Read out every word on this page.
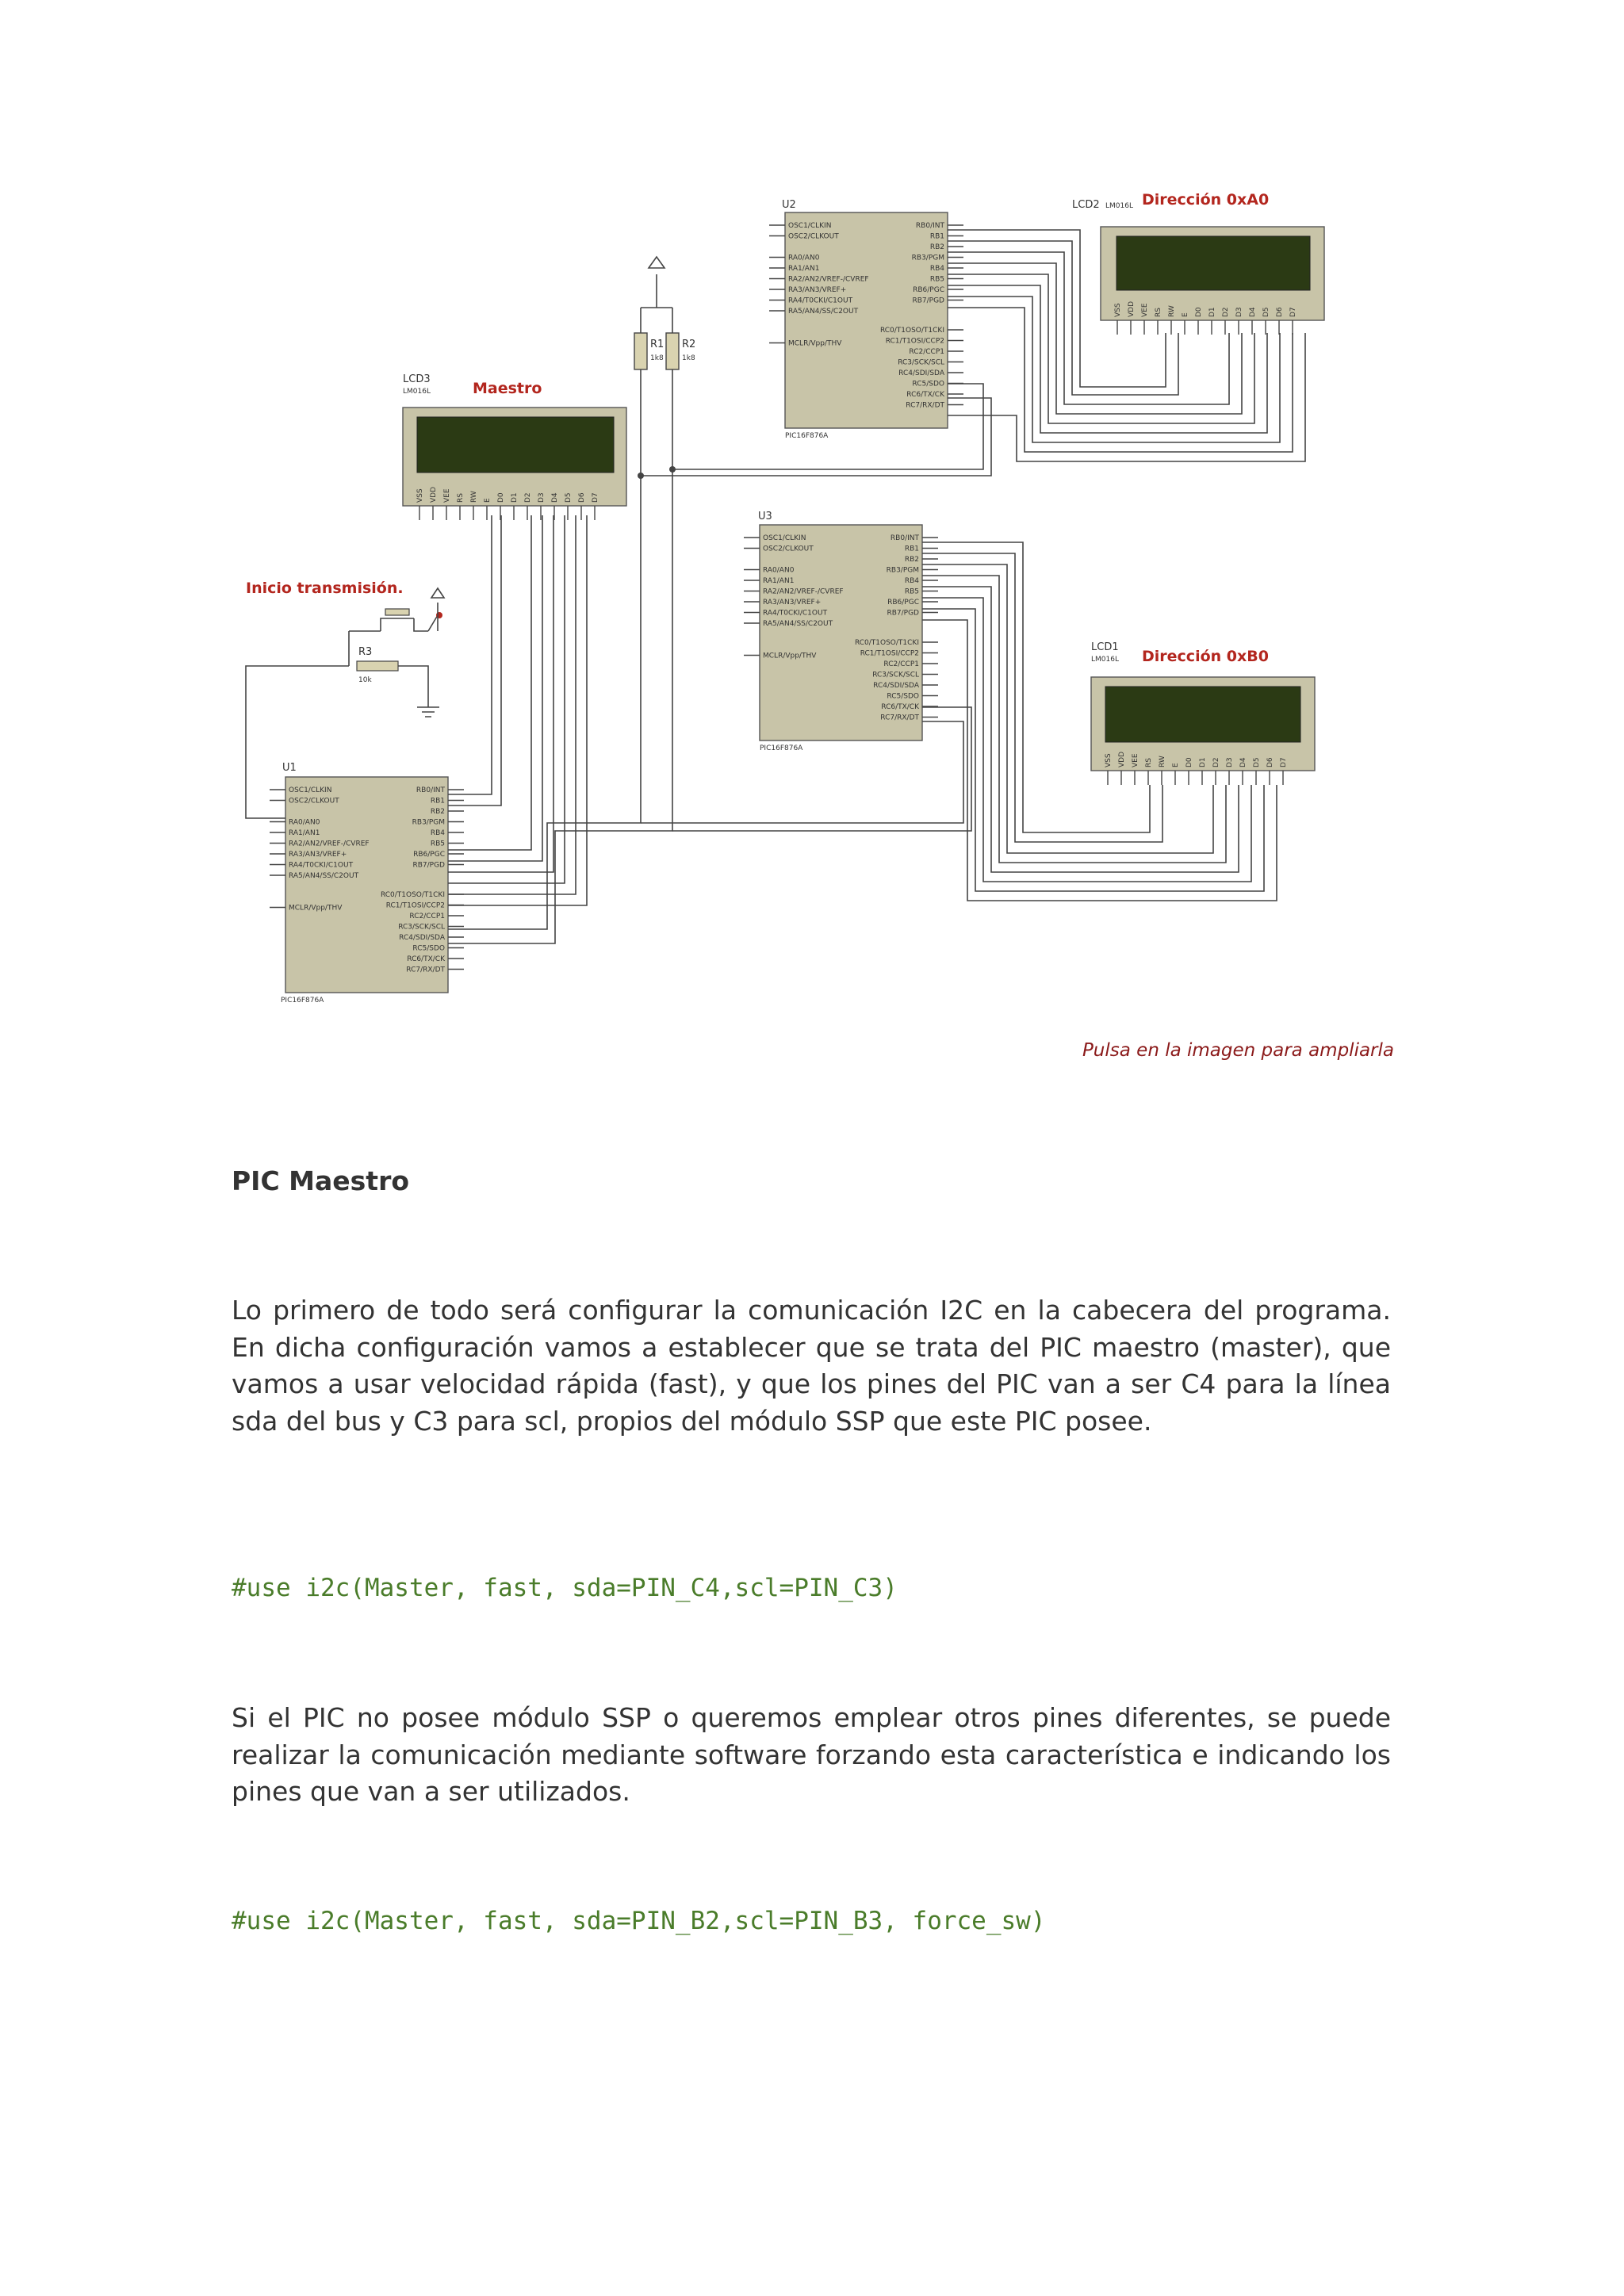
U2
OSC1/CLKIN
OSC2/CLKOUT
RA0/AN0
RA1/AN1
RA2/AN2/VREF-/CVREF
RA3/AN3/VREF+
RA4/T0CKI/C1OUT
RA5/AN4/SS/C2OUT
MCLR/Vpp/THV
RB0/INT
RB1
RB2
RB3/PGM
RB4
RB5
RB6/PGC
RB7/PGD
RC0/T1OSO/T1CKI
RC1/T1OSI/CCP2
RC2/CCP1
RC3/SCK/SCL
RC4/SDI/SDA
RC5/SDO
RC6/TX/CK
RC7/RX/DT
PIC16F876A
U3
OSC1/CLKIN
OSC2/CLKOUT
RA0/AN0
RA1/AN1
RA2/AN2/VREF-/CVREF
RA3/AN3/VREF+
RA4/T0CKI/C1OUT
RA5/AN4/SS/C2OUT
MCLR/Vpp/THV
RB0/INT
RB1
RB2
RB3/PGM
RB4
RB5
RB6/PGC
RB7/PGD
RC0/T1OSO/T1CKI
RC1/T1OSI/CCP2
RC2/CCP1
RC3/SCK/SCL
RC4/SDI/SDA
RC5/SDO
RC6/TX/CK
RC7/RX/DT
PIC16F876A
U1
OSC1/CLKIN
OSC2/CLKOUT
RA0/AN0
RA1/AN1
RA2/AN2/VREF-/CVREF
RA3/AN3/VREF+
RA4/T0CKI/C1OUT
RA5/AN4/SS/C2OUT
MCLR/Vpp/THV
RB0/INT
RB1
RB2
RB3/PGM
RB4
RB5
RB6/PGC
RB7/PGD
RC0/T1OSO/T1CKI
RC1/T1OSI/CCP2
RC2/CCP1
RC3/SCK/SCL
RC4/SDI/SDA
RC5/SDO
RC6/TX/CK
RC7/RX/DT
PIC16F876A
LCD2 LM016L Dirección 0xA0
VSS VDD VEE RS RW E D0 D1 D2 D3 D4 D5 D6 D7
LCD3
LM016L	Maestro
VSS VDD VEE RS RW E D0 D1 D2 D3 D4 D5 D6 D7
LCD1
LM016L Dirección 0xB0
VSS VDD VEE RS RW E D0 D1 D2 D3 D4 D5 D6 D7
R1 R2
1k8	1k8
Inicio transmisión.
R3
10k
Pulsa en la imagen para ampliarla
PIC Maestro

Lo primero de todo será configurar la comunicación I2C en la cabecera del programa. En dicha configuración vamos a establecer que se trata del PIC maestro (master), que vamos a usar velocidad rápida (fast), y que los pines del PIC van a ser C4 para la línea sda del bus y C3 para scl, propios del módulo SSP que este PIC posee.

#use i2c(Master, fast, sda=PIN_C4,scl=PIN_C3)

Si el PIC no posee módulo SSP o queremos emplear otros pines diferentes, se puede realizar la comunicación mediante software forzando esta característica e indicando los pines que van a ser utilizados.

#use i2c(Master, fast, sda=PIN_B2,scl=PIN_B3, force_sw)
